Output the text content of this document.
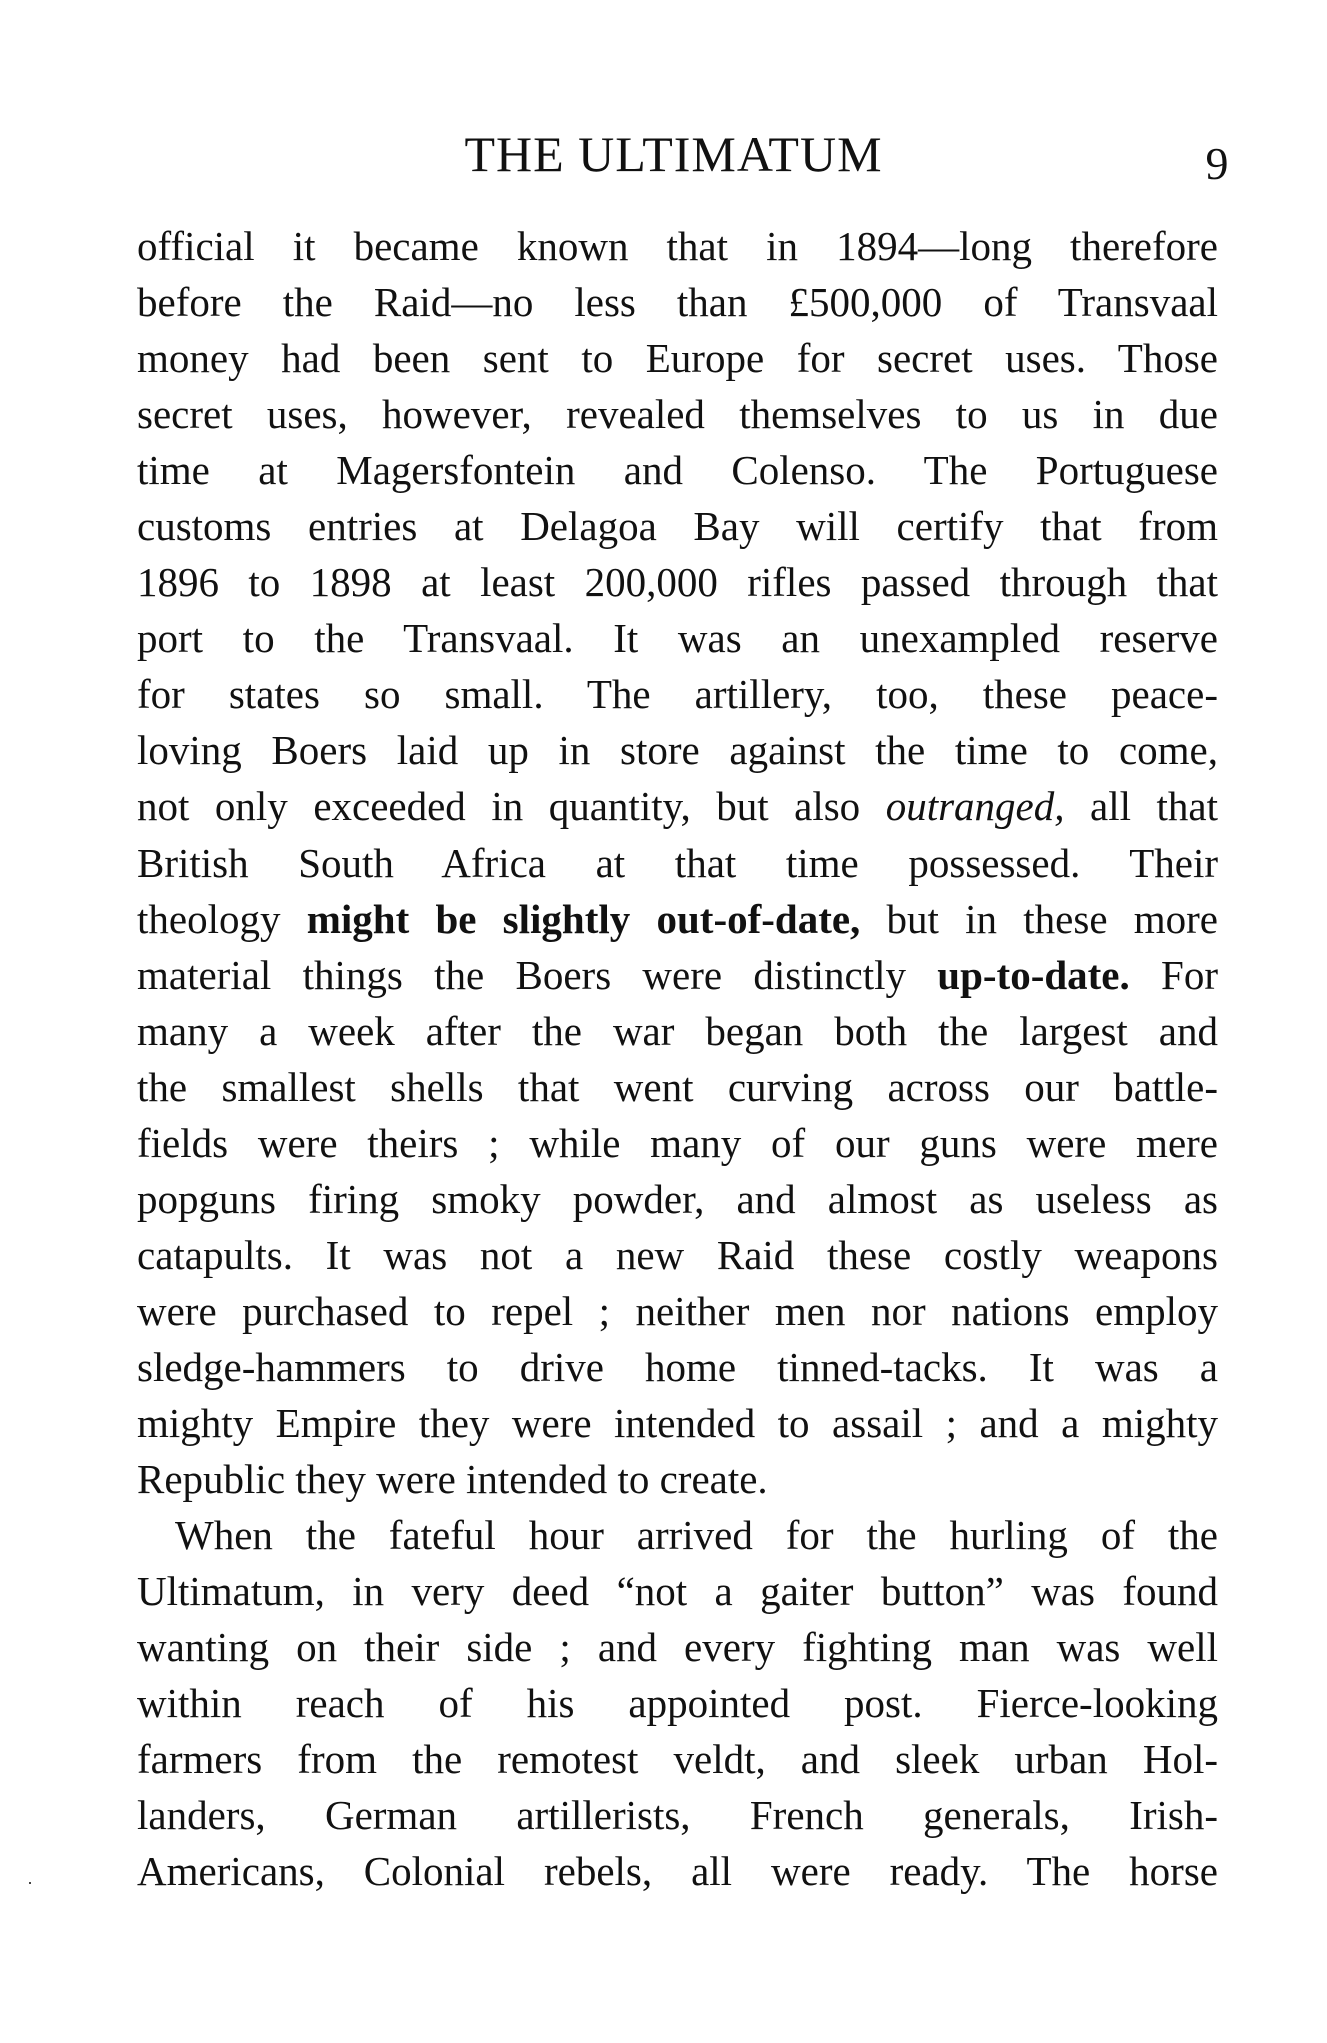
THE ULTIMATUM	9
official it became known that in 1894—long therefore
before the Raid—no less than £500,000 of Transvaal
money had been sent to Europe for secret uses. Those
secret uses, however, revealed themselves to us in due
time at Magersfontein and Colenso. The Portuguese
customs entries at Delagoa Bay will certify that from
1896 to 1898 at least 200,000 rifles passed through that
port to the Transvaal. It was an unexampled reserve
for states so small. The artillery, too, these peace-
loving Boers laid up in store against the time to come,
not only exceeded in quantity, but also outranged, all that
British South Africa at that time possessed. Their
theology might be slightly out-of-date, but in these more
material things the Boers were distinctly up-to-date. For
many a week after the war began both the largest and
the smallest shells that went curving across our battle-
fields were theirs ; while many of our guns were mere
popguns firing smoky powder, and almost as useless as
catapults. It was not a new Raid these costly weapons
were purchased to repel ; neither men nor nations employ
sledge-hammers to drive home tinned-tacks. It was a
mighty Empire they were intended to assail ; and a mighty
Republic they were intended to create.
When the fateful hour arrived for the hurling of the
Ultimatum, in very deed “not a gaiter button” was found
wanting on their side ; and every fighting man was well
within reach of his appointed post. Fierce-looking
farmers from the remotest veldt, and sleek urban Hol-
landers, German artillerists, French generals, Irish-
Americans, Colonial rebels, all were ready. The horse
